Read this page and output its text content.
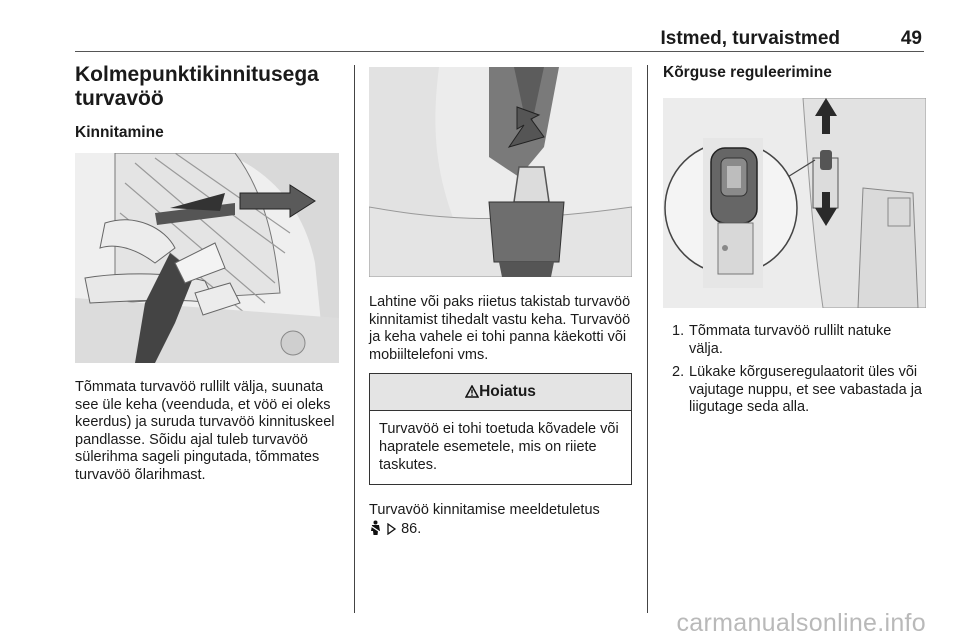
Istmed, turvaistmed	49
Kolmepunktikinnitusega turvavöö
Kinnitamine

Tõmmata turvavöö rullilt välja, suunata see üle keha (veenduda, et vöö ei oleks keerdus) ja suruda turvavöö kinnituskeel pandlasse. Sõidu ajal tuleb turvavöö sülerihma sageli pingutada, tõmmates turvavöö õlarihmast.

Lahtine või paks riietus takistab turvavöö kinnitamist tihedalt vastu keha. Turvavöö ja keha vahele ei tohi panna käekotti või mobiiltelefoni vms.

Hoiatus

Turvavöö ei tohi toetuda kõvadele või hapratele esemetele, mis on riiete taskutes.

Turvavöö kinnitamise meeldetuletus
86.

Kõrguse reguleerimine
1. Tõmmata turvavöö rullilt natuke välja.
2. Lükake kõrguseregulaatorit üles või vajutage nuppu, et see vabastada ja liigutage seda alla.
carmanualsonline.info
